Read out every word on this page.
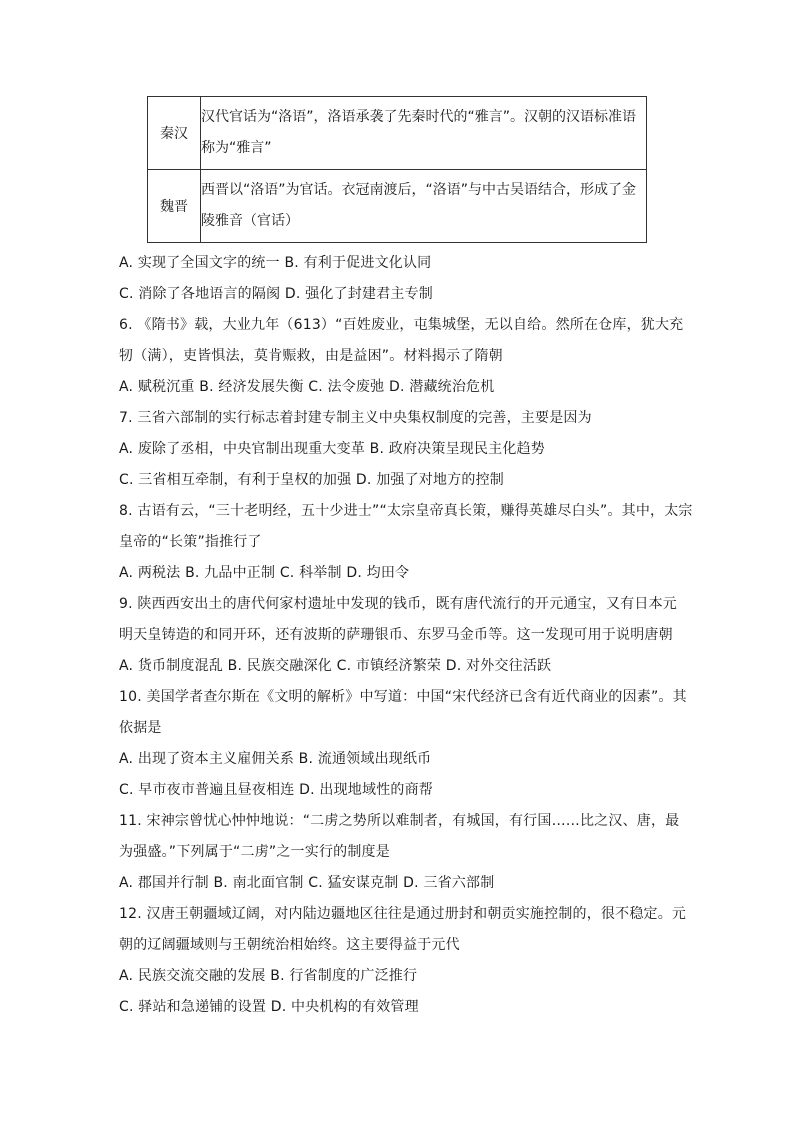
秦汉	汉代官话为“洛语”，洛语承袭了先秦时代的“雅言”。汉朝的汉语标准语
称为“雅言”

魏晋	西晋以“洛语”为官话。衣冠南渡后，“洛语”与中古吴语结合，形成了金
陵雅音（官话）
A. 实现了全国文字的统一 B. 有利于促进文化认同
C. 消除了各地语言的隔阂 D. 强化了封建君主专制
6. 《隋书》载，大业九年（613）“百姓废业，屯集城堡，无以自给。然所在仓库，犹大充
牣（满），吏皆惧法，莫肯赈救，由是益困”。材料揭示了隋朝
A. 赋税沉重 B. 经济发展失衡 C. 法令废弛 D. 潜藏统治危机
7. 三省六部制的实行标志着封建专制主义中央集权制度的完善，主要是因为
A. 废除了丞相，中央官制出现重大变革 B. 政府决策呈现民主化趋势
C. 三省相互牵制，有利于皇权的加强 D. 加强了对地方的控制
8. 古语有云，“三十老明经，五十少进士”“太宗皇帝真长策，赚得英雄尽白头”。其中，太宗
皇帝的“长策”指推行了
A. 两税法 B. 九品中正制 C. 科举制 D. 均田令
9. 陕西西安出土的唐代何家村遗址中发现的钱币，既有唐代流行的开元通宝，又有日本元
明天皇铸造的和同开环，还有波斯的萨珊银币、东罗马金币等。这一发现可用于说明唐朝
A. 货币制度混乱 B. 民族交融深化 C. 市镇经济繁荣 D. 对外交往活跃
10. 美国学者查尔斯在《文明的解析》中写道：中国“宋代经济已含有近代商业的因素”。其
依据是
A. 出现了资本主义雇佣关系 B. 流通领域出现纸币
C. 早市夜市普遍且昼夜相连 D. 出现地域性的商帮
11. 宋神宗曾忧心忡忡地说：“二虏之势所以难制者，有城国，有行国……比之汉、唐，最
为强盛。”下列属于“二虏”之一实行的制度是
A. 郡国并行制 B. 南北面官制 C. 猛安谋克制 D. 三省六部制
12. 汉唐王朝疆域辽阔，对内陆边疆地区往往是通过册封和朝贡实施控制的，很不稳定。元
朝的辽阔疆域则与王朝统治相始终。这主要得益于元代
A. 民族交流交融的发展 B. 行省制度的广泛推行
C. 驿站和急递铺的设置 D. 中央机构的有效管理
